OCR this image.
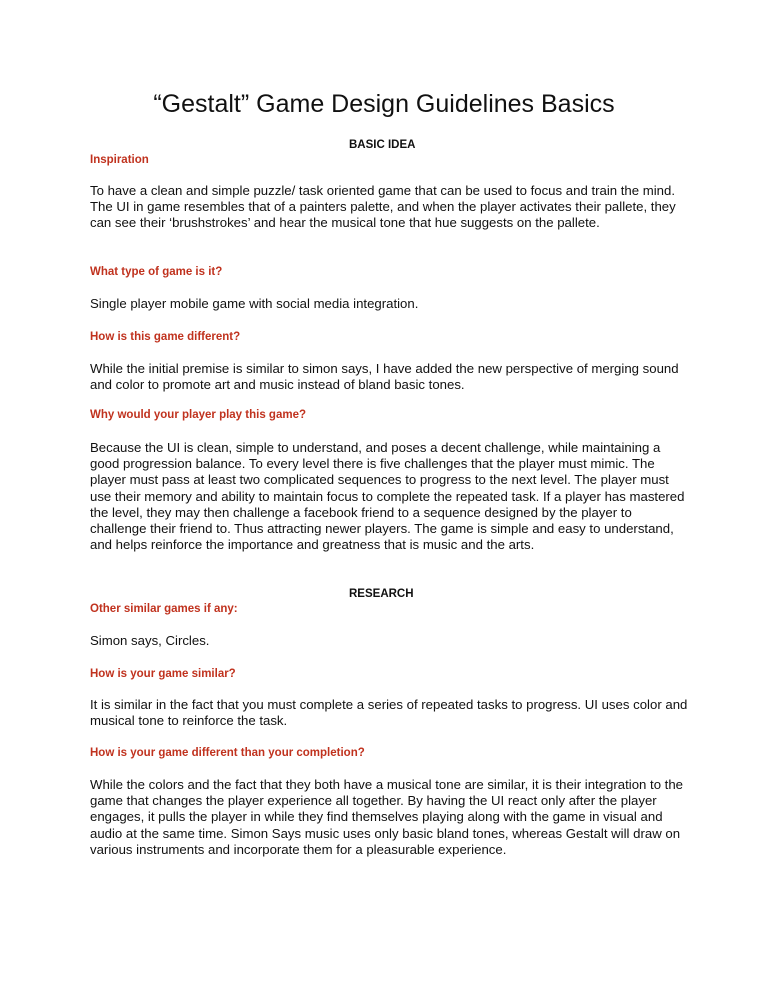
“Gestalt” Game Design Guidelines Basics
BASIC IDEA
Inspiration

To have a clean and simple puzzle/ task oriented game that can be used to focus and train the mind. The UI in game resembles that of a painters palette, and when the player activates their pallete, they can see their ‘brushstrokes’ and hear the musical tone that hue suggests on the pallete.

What type of game is it?

Single player mobile game with social media integration.

How is this game different?

While the initial premise is similar to simon says, I have added the new perspective of merging sound and color to promote art and music instead of bland basic tones.

Why would your player play this game?

Because the UI is clean, simple to understand, and poses a decent challenge, while maintaining a good progression balance. To every level there is five challenges that the player must mimic. The player must pass at least two complicated sequences to progress to the next level. The player must use their memory and ability to maintain focus to complete the repeated task. If a player has mastered the level, they may then challenge a facebook friend to a sequence designed by the player to challenge their friend to. Thus attracting newer players. The game is simple and easy to understand, and helps reinforce the importance and greatness that is music and the arts.

RESEARCH
Other similar games if any:

Simon says, Circles.

How is your game similar?

It is similar in the fact that you must complete a series of repeated tasks to progress. UI uses color and musical tone to reinforce the task.

How is your game different than your completion?

While the colors and the fact that they both have a musical tone are similar, it is their integration to the game that changes the player experience all together. By having the UI react only after the player engages, it pulls the player in while they find themselves playing along with the game in visual and audio at the same time. Simon Says music uses only basic bland tones, whereas Gestalt will draw on various instruments and incorporate them for a pleasurable experience.
